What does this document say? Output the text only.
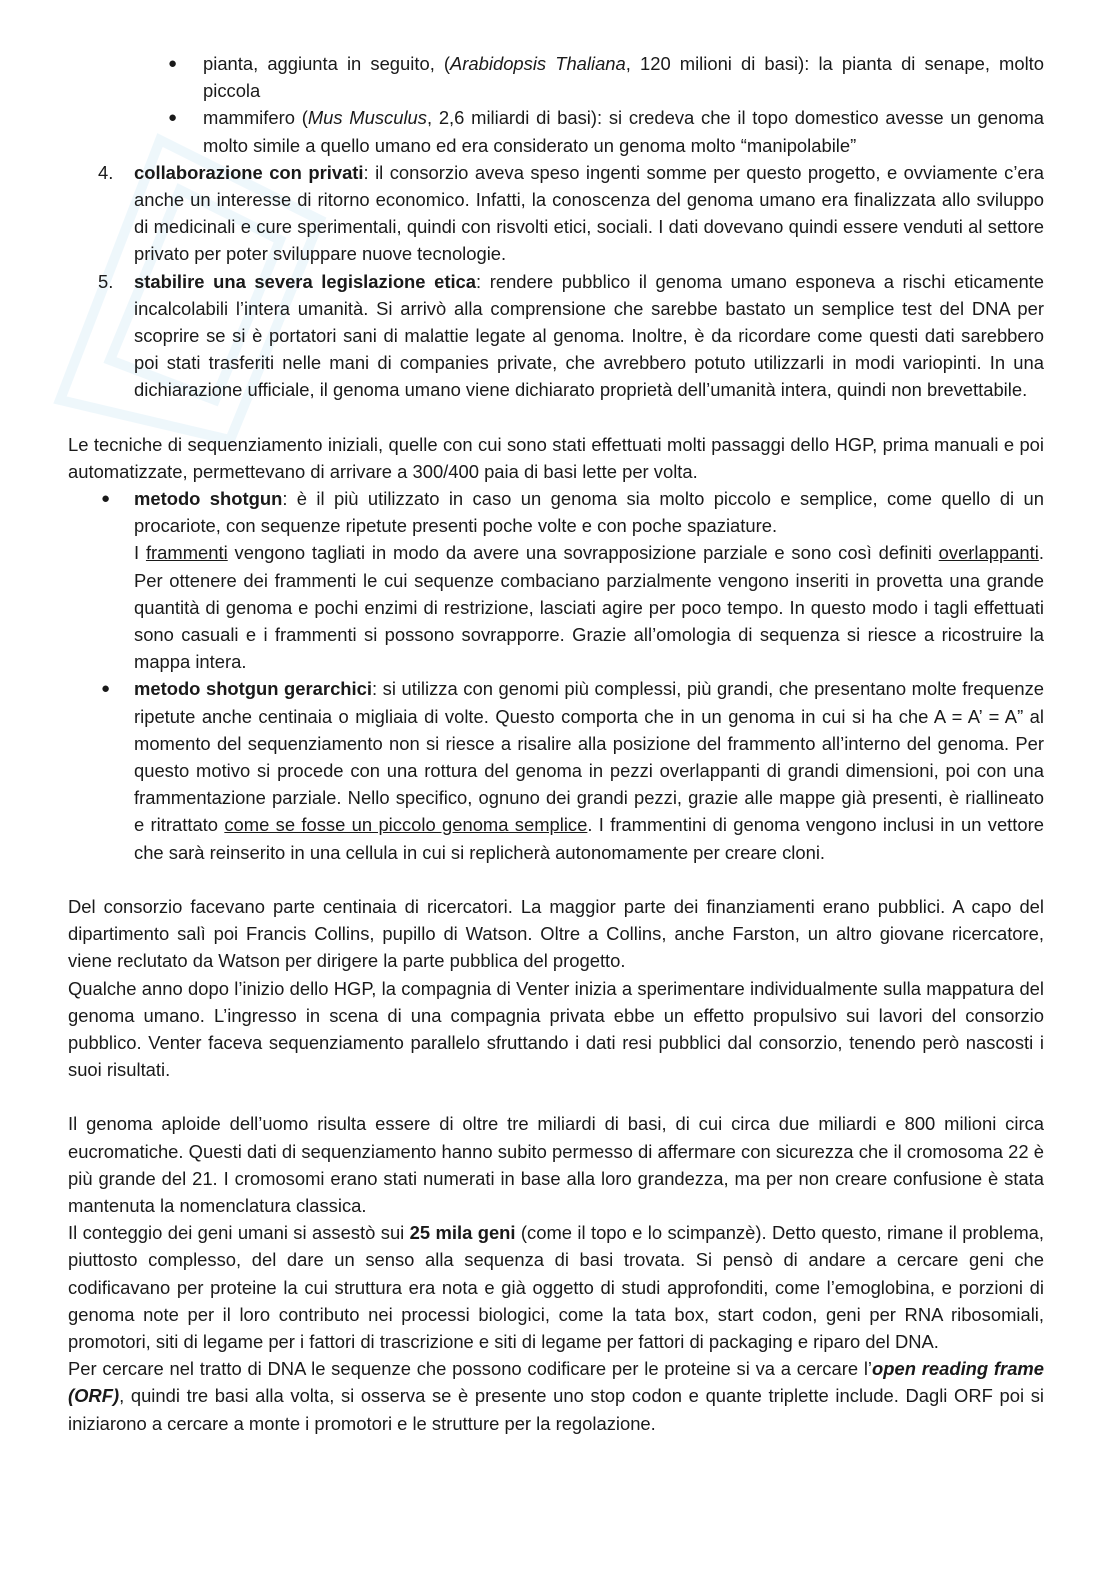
● pianta, aggiunta in seguito, (Arabidopsis Thaliana, 120 milioni di basi): la pianta di senape, molto piccola

● mammifero (Mus Musculus, 2,6 miliardi di basi): si credeva che il topo domestico avesse un genoma molto simile a quello umano ed era considerato un genoma molto “manipolabile”

4. collaborazione con privati: il consorzio aveva speso ingenti somme per questo progetto, e ovviamente c’era anche un interesse di ritorno economico. Infatti, la conoscenza del genoma umano era finalizzata allo sviluppo di medicinali e cure sperimentali, quindi con risvolti etici, sociali. I dati dovevano quindi essere venduti al settore privato per poter sviluppare nuove tecnologie.

5. stabilire una severa legislazione etica: rendere pubblico il genoma umano esponeva a rischi eticamente incalcolabili l’intera umanità. Si arrivò alla comprensione che sarebbe bastato un semplice test del DNA per scoprire se si è portatori sani di malattie legate al genoma. Inoltre, è da ricordare come questi dati sarebbero poi stati trasferiti nelle mani di companies private, che avrebbero potuto utilizzarli in modi variopinti. In una dichiarazione ufficiale, il genoma umano viene dichiarato proprietà dell’umanità intera, quindi non brevettabile.

Le tecniche di sequenziamento iniziali, quelle con cui sono stati effettuati molti passaggi dello HGP, prima manuali e poi automatizzate, permettevano di arrivare a 300/400 paia di basi lette per volta.

● metodo shotgun: è il più utilizzato in caso un genoma sia molto piccolo e semplice, come quello di un procariote, con sequenze ripetute presenti poche volte e con poche spaziature.

I frammenti vengono tagliati in modo da avere una sovrapposizione parziale e sono così definiti overlappanti. Per ottenere dei frammenti le cui sequenze combaciano parzialmente vengono inseriti in provetta una grande quantità di genoma e pochi enzimi di restrizione, lasciati agire per poco tempo. In questo modo i tagli effettuati sono casuali e i frammenti si possono sovrapporre. Grazie all’omologia di sequenza si riesce a ricostruire la mappa intera.

● metodo shotgun gerarchici: si utilizza con genomi più complessi, più grandi, che presentano molte frequenze ripetute anche centinaia o migliaia di volte. Questo comporta che in un genoma in cui si ha che A = A’ = A” al momento del sequenziamento non si riesce a risalire alla posizione del frammento all’interno del genoma. Per questo motivo si procede con una rottura del genoma in pezzi overlappanti di grandi dimensioni, poi con una frammentazione parziale. Nello specifico, ognuno dei grandi pezzi, grazie alle mappe già presenti, è riallineato e ritrattato come se fosse un piccolo genoma semplice. I frammentini di genoma vengono inclusi in un vettore che sarà reinserito in una cellula in cui si replicherà autonomamente per creare cloni.

Del consorzio facevano parte centinaia di ricercatori. La maggior parte dei finanziamenti erano pubblici. A capo del dipartimento salì poi Francis Collins, pupillo di Watson. Oltre a Collins, anche Farston, un altro giovane ricercatore, viene reclutato da Watson per dirigere la parte pubblica del progetto.

Qualche anno dopo l’inizio dello HGP, la compagnia di Venter inizia a sperimentare individualmente sulla mappatura del genoma umano. L’ingresso in scena di una compagnia privata ebbe un effetto propulsivo sui lavori del consorzio pubblico. Venter faceva sequenziamento parallelo sfruttando i dati resi pubblici dal consorzio, tenendo però nascosti i suoi risultati.

Il genoma aploide dell’uomo risulta essere di oltre tre miliardi di basi, di cui circa due miliardi e 800 milioni circa eucromatiche. Questi dati di sequenziamento hanno subito permesso di affermare con sicurezza che il cromosoma 22 è più grande del 21. I cromosomi erano stati numerati in base alla loro grandezza, ma per non creare confusione è stata mantenuta la nomenclatura classica.

Il conteggio dei geni umani si assestò sui 25 mila geni (come il topo e lo scimpanzè). Detto questo, rimane il problema, piuttosto complesso, del dare un senso alla sequenza di basi trovata. Si pensò di andare a cercare geni che codificavano per proteine la cui struttura era nota e già oggetto di studi approfonditi, come l’emoglobina, e porzioni di genoma note per il loro contributo nei processi biologici, come la tata box, start codon, geni per RNA ribosomiali, promotori, siti di legame per i fattori di trascrizione e siti di legame per fattori di packaging e riparo del DNA.

Per cercare nel tratto di DNA le sequenze che possono codificare per le proteine si va a cercare l’open reading frame (ORF), quindi tre basi alla volta, si osserva se è presente uno stop codon e quante triplette include. Dagli ORF poi si iniziarono a cercare a monte i promotori e le strutture per la regolazione.
